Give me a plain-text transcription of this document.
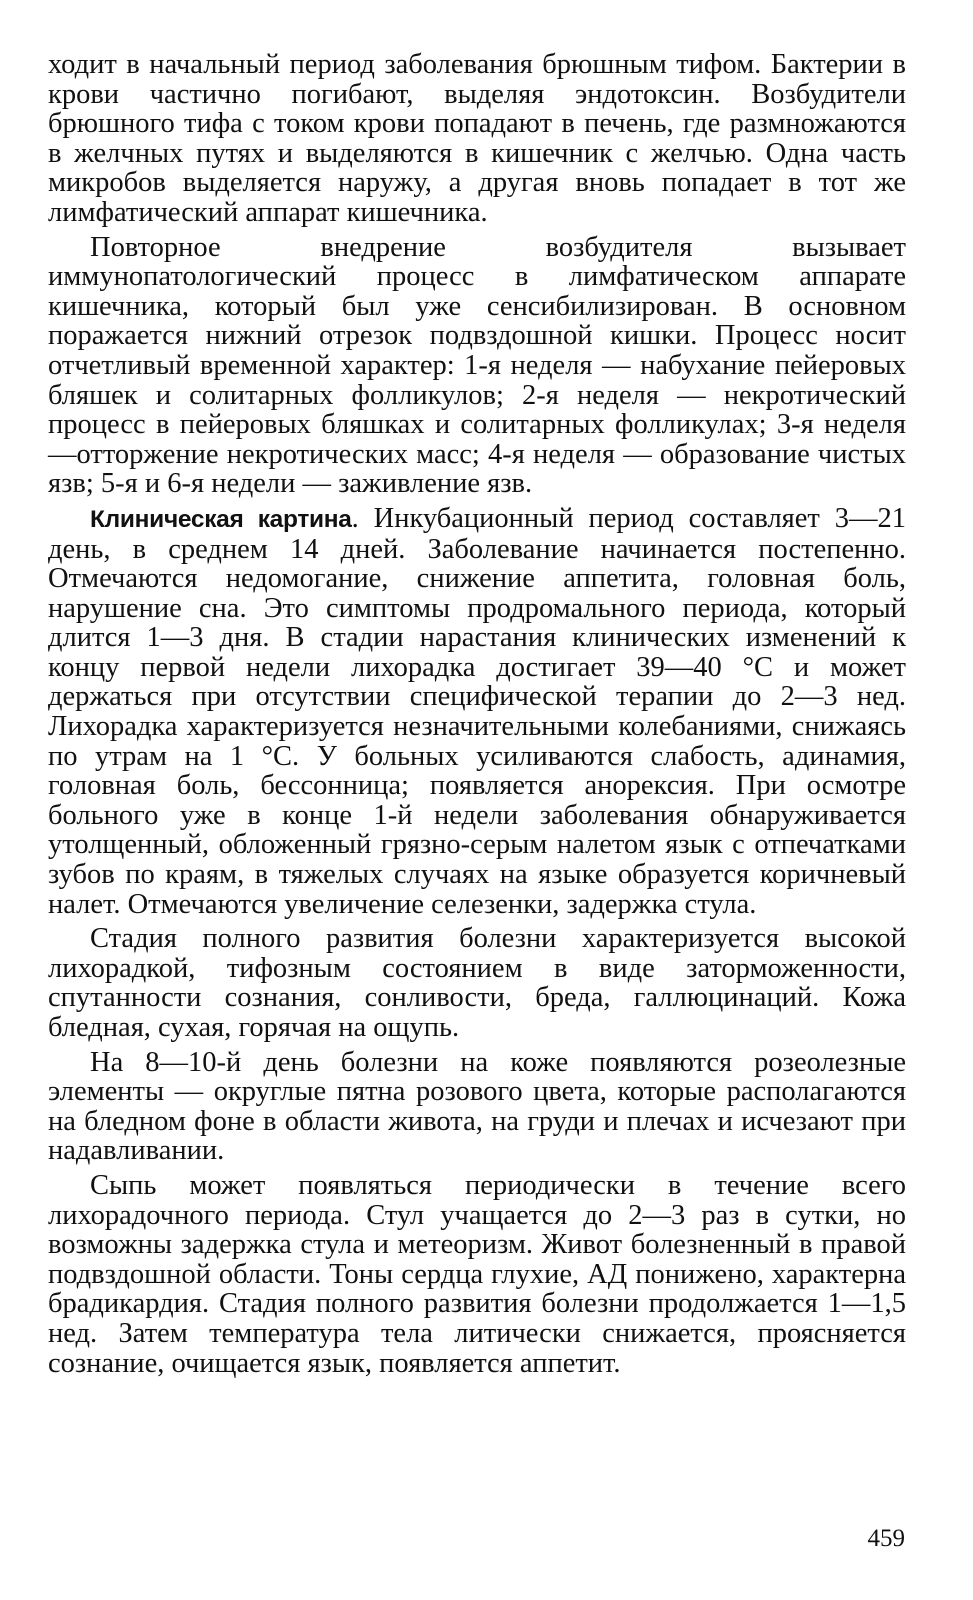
ходит в начальный период заболевания брюшным тифом. Бактерии в крови частично погибают, выделяя эндотоксин. Возбудители брюшного тифа с током крови попадают в печень, где размножаются в желчных путях и выделяются в кишечник с желчью. Одна часть микробов выделяется наружу, а другая вновь попадает в тот же лимфатический аппарат кишечника.

Повторное внедрение возбудителя вызывает иммунопатологический процесс в лимфатическом аппарате кишечника, который был уже сенсибилизирован. В основном поражается нижний отрезок подвздошной кишки. Процесс носит отчетливый временной характер: 1-я неделя — набухание пейеровых бляшек и солитарных фолликулов; 2-я неделя — некротический процесс в пейеровых бляшках и солитарных фолликулах; 3-я неделя —отторжение некротических масс; 4-я неделя — образование чистых язв; 5-я и 6-я недели — заживление язв.

Клиническая картина. Инкубационный период составляет 3—21 день, в среднем 14 дней. Заболевание начинается постепенно. Отмечаются недомогание, снижение аппетита, головная боль, нарушение сна. Это симптомы продромального периода, который длится 1—3 дня. В стадии нарастания клинических изменений к концу первой недели лихорадка достигает 39—40 °С и может держаться при отсутствии специфической терапии до 2—3 нед. Лихорадка характеризуется незначительными колебаниями, снижаясь по утрам на 1 °С. У больных усиливаются слабость, адинамия, головная боль, бессонница; появляется анорексия. При осмотре больного уже в конце 1-й недели заболевания обнаруживается утолщенный, обложенный грязно-серым налетом язык с отпечатками зубов по краям, в тяжелых случаях на языке образуется коричневый налет. Отмечаются увеличение селезенки, задержка стула.

Стадия полного развития болезни характеризуется высокой лихорадкой, тифозным состоянием в виде заторможенности, спутанности сознания, сонливости, бреда, галлюцинаций. Кожа бледная, сухая, горячая на ощупь.

На 8—10-й день болезни на коже появляются розеолезные элементы — округлые пятна розового цвета, которые располагаются на бледном фоне в области живота, на груди и плечах и исчезают при надавливании.

Сыпь может появляться периодически в течение всего лихорадочного периода. Стул учащается до 2—3 раз в сутки, но возможны задержка стула и метеоризм. Живот болезненный в правой подвздошной области. Тоны сердца глухие, АД понижено, характерна брадикардия. Стадия полного развития болезни продолжается 1—1,5 нед. Затем температура тела литически снижается, проясняется сознание, очищается язык, появляется аппетит.

459
